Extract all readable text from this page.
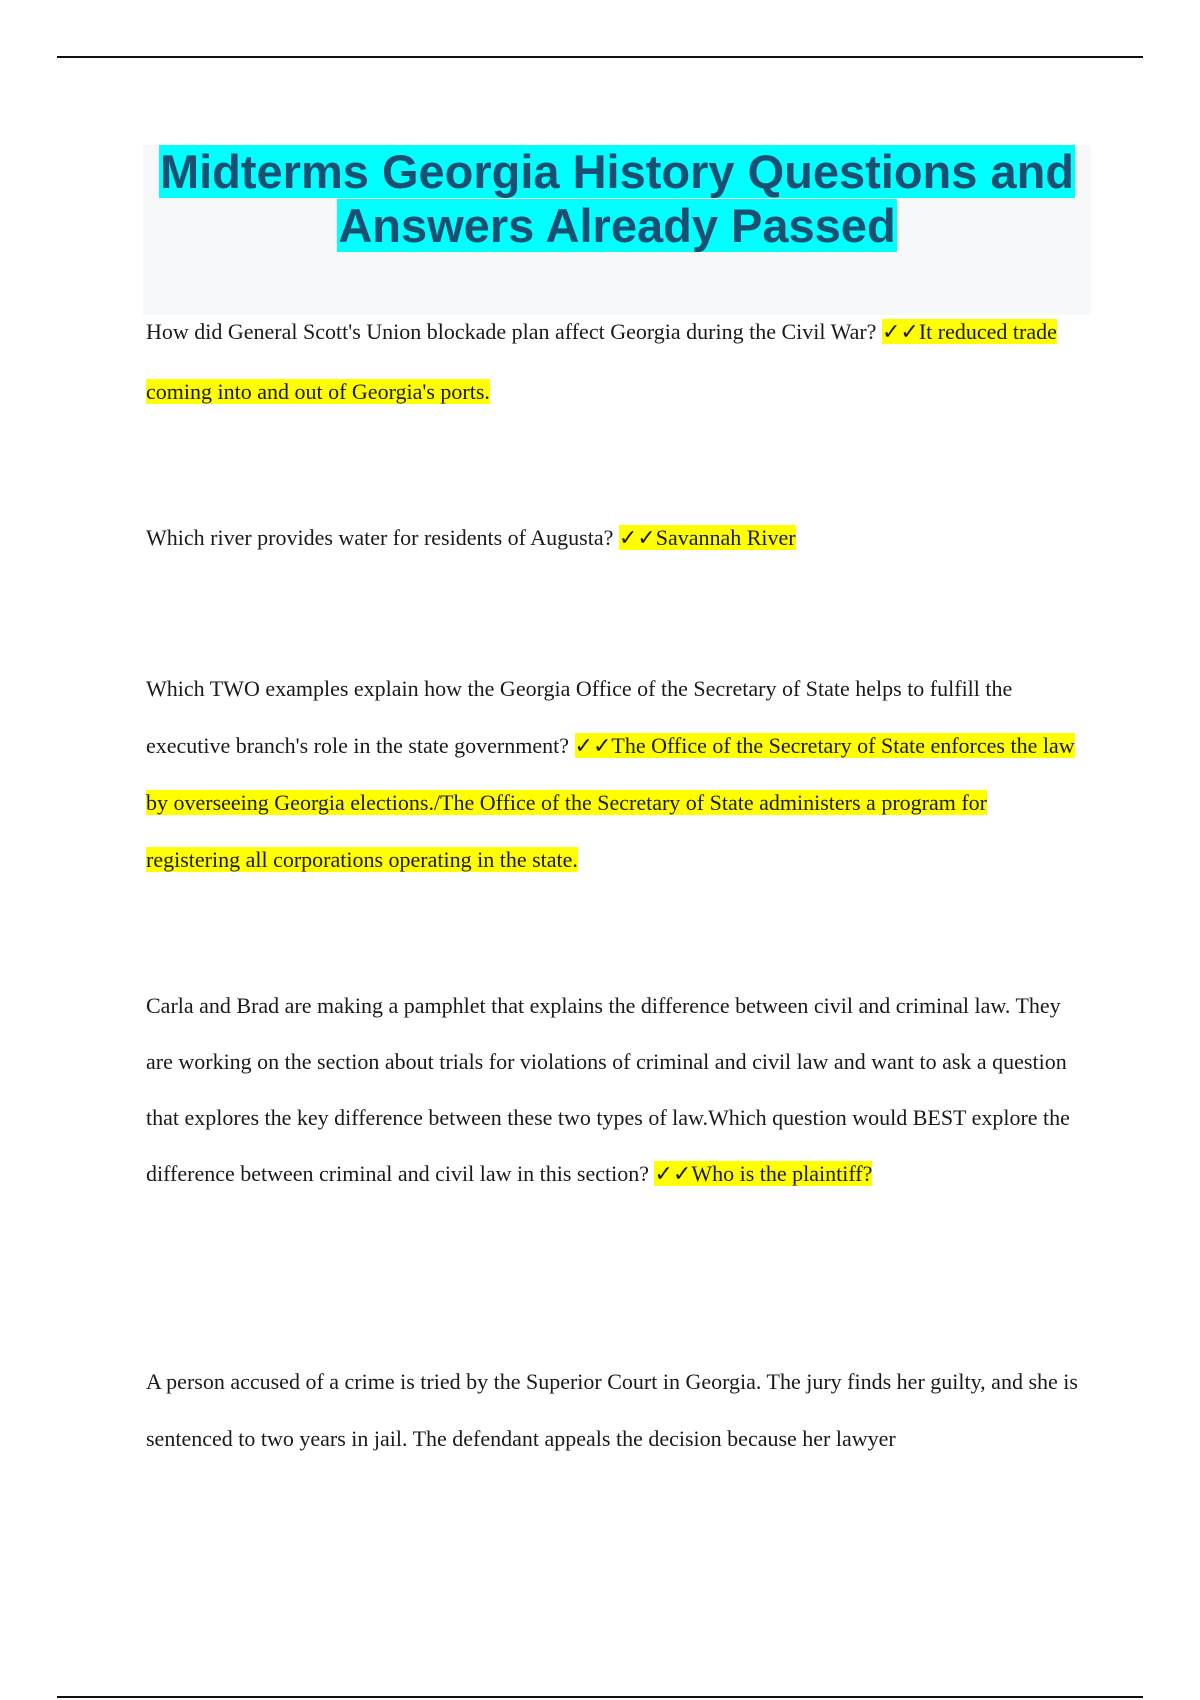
Midterms Georgia History Questions and
Answers Already Passed

How did General Scott's Union blockade plan affect Georgia during the Civil War? ✓✓It reduced trade coming into and out of Georgia's ports.

Which river provides water for residents of Augusta? ✓✓Savannah River

Which TWO examples explain how the Georgia Office of the Secretary of State helps to fulfill the executive branch's role in the state government? ✓✓The Office of the Secretary of State enforces the law by overseeing Georgia elections./The Office of the Secretary of State administers a program for registering all corporations operating in the state.

Carla and Brad are making a pamphlet that explains the difference between civil and criminal law. They are working on the section about trials for violations of criminal and civil law and want to ask a question that explores the key difference between these two types of law.Which question would BEST explore the difference between criminal and civil law in this section? ✓✓Who is the plaintiff?

A person accused of a crime is tried by the Superior Court in Georgia. The jury finds her guilty, and she is sentenced to two years in jail. The defendant appeals the decision because her lawyer
